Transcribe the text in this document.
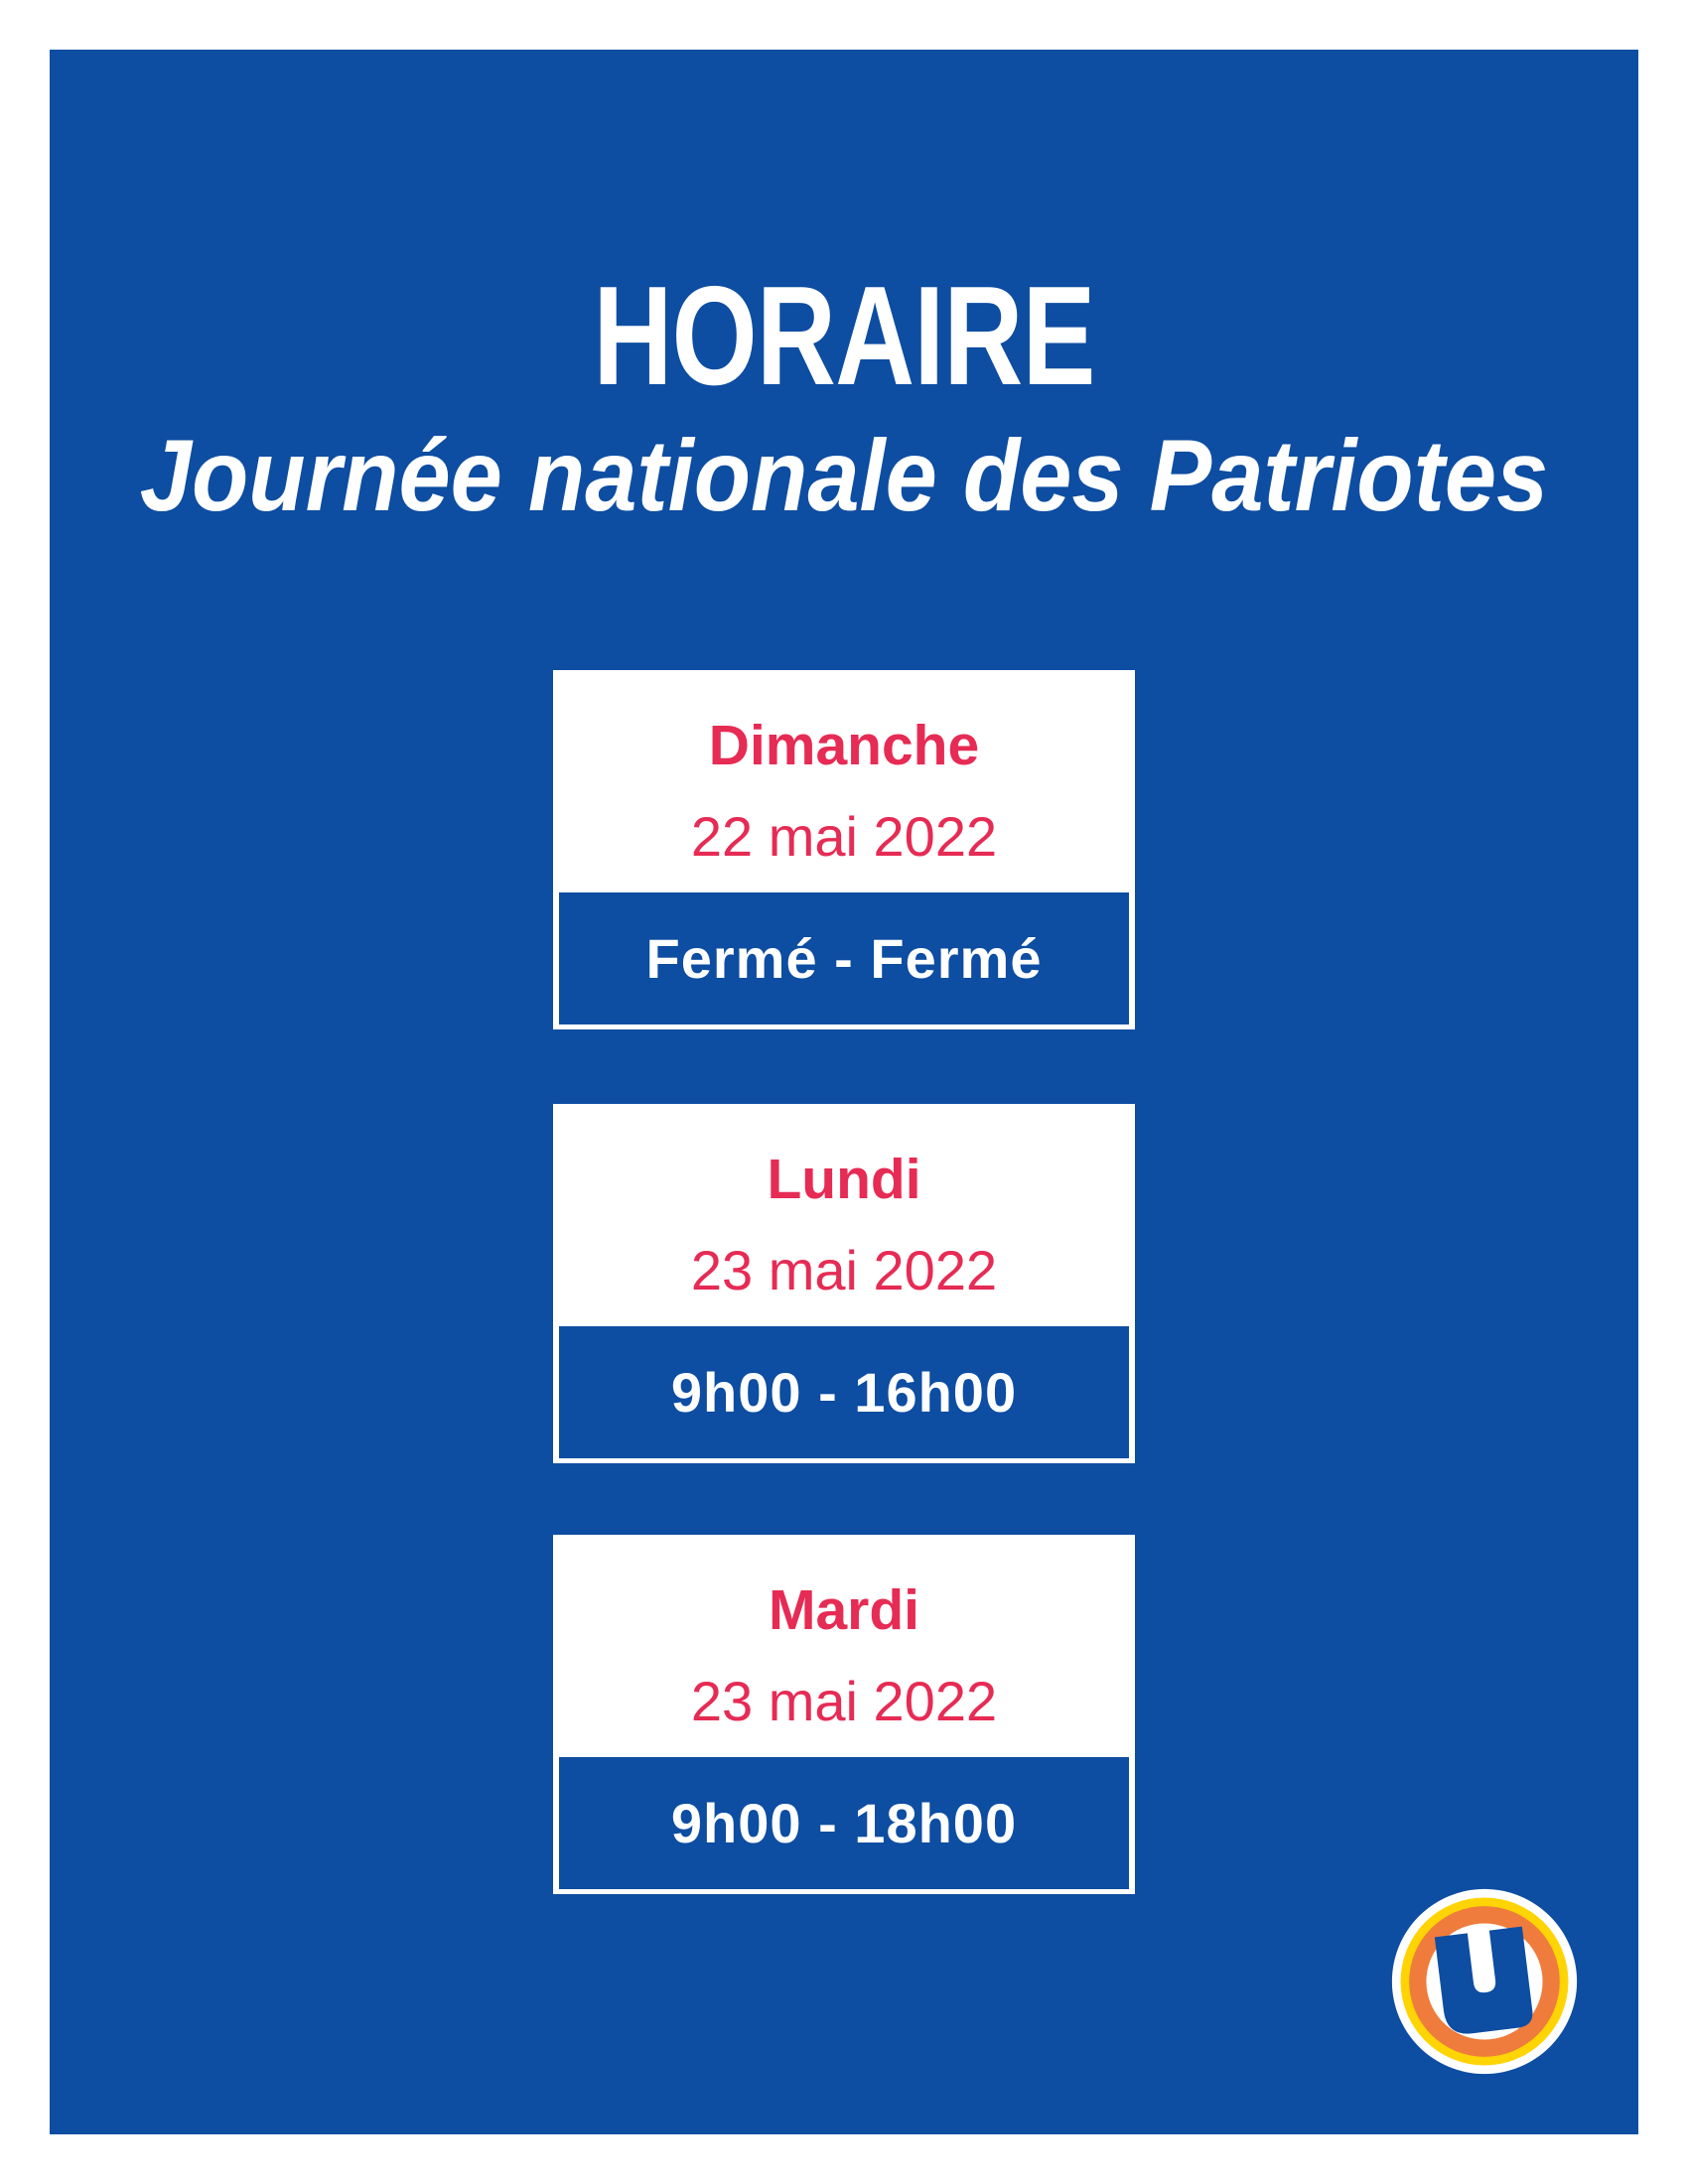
HORAIRE
Journée nationale des Patriotes
Dimanche
22 mai 2022
Fermé - Fermé
Lundi
23 mai 2022
9h00 - 16h00
Mardi
23 mai 2022
9h00 - 18h00
